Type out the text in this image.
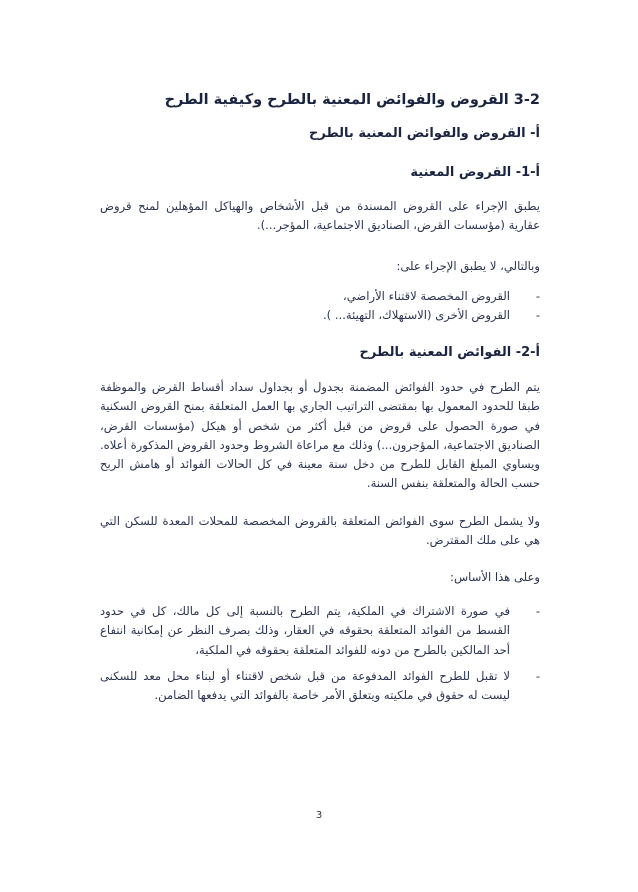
3-2 القروض والفوائض المعنية بالطرح وكيفية الطرح
أ- القروض والفوائض المعنية بالطرح
أ-1- القروض المعنية
يطبق الإجراء على القروض المسندة من قبل الأشخاص والهياكل المؤهلين لمنح قروض عقارية (مؤسسات القرض، الصناديق الاجتماعية، المؤجر...).
وبالتالي، لا يطبق الإجراء على:
-
القروض المخصصة لاقتناء الأراضي،
-
القروض الأخرى (الاستهلاك، التهيئة... ).
أ-2- الفوائض المعنية بالطرح
يتم الطرح في حدود الفوائض المضمنة بجدول أو بجداول سداد أقساط القرض والموظفة طبقا للحدود المعمول بها بمقتضى التراتيب الجاري بها العمل المتعلقة بمنح القروض السكنية في صورة الحصول على قروض من قبل أكثر من شخص أو هيكل (مؤسسات القرض، الصناديق الاجتماعية، المؤجرون...) وذلك مع مراعاة الشروط وحدود القروض المذكورة أعلاه. ويساوي المبلغ القابل للطرح من دخل سنة معينة في كل الحالات الفوائد أو هامش الربح حسب الحالة والمتعلقة بنفس السنة.
ولا يشمل الطرح سوى الفوائض المتعلقة بالقروض المخصصة للمحلات المعدة للسكن التي هي على ملك المقترض.
وعلى هذا الأساس:
-
في صورة الاشتراك في الملكية، يتم الطرح بالنسبة إلى كل مالك، كل في حدود القسط من الفوائد المتعلقة بحقوقه في العقار، وذلك بصرف النظر عن إمكانية انتفاع أحد المالكين بالطرح من دونه للفوائد المتعلقة بحقوقه في الملكية،
-
لا تقبل للطرح الفوائد المدفوعة من قبل شخص لاقتناء أو لبناء محل معد للسكنى ليست له حقوق في ملكيته ويتعلق الأمر خاصة بالفوائد التي يدفعها الضامن.
3
